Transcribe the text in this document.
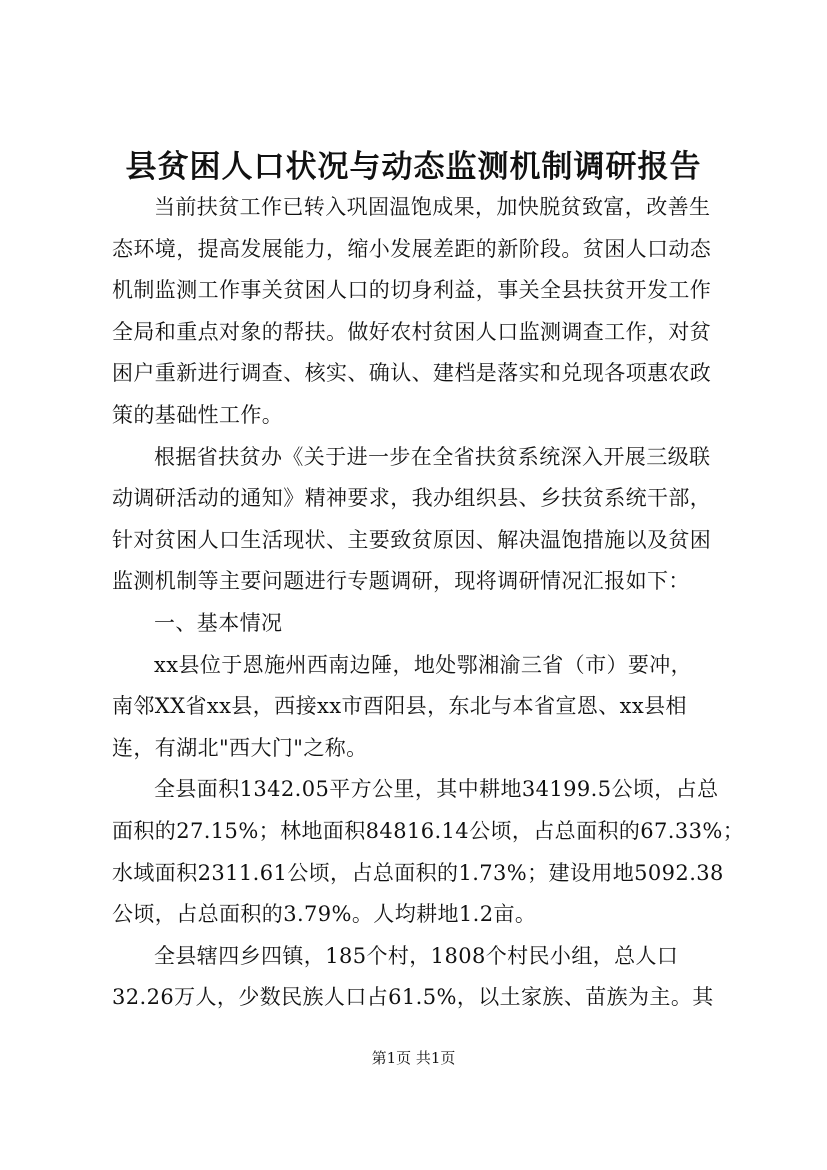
县贫困人口状况与动态监测机制调研报告
当前扶贫工作已转入巩固温饱成果，加快脱贫致富，改善生
态环境，提高发展能力，缩小发展差距的新阶段。贫困人口动态
机制监测工作事关贫困人口的切身利益，事关全县扶贫开发工作
全局和重点对象的帮扶。做好农村贫困人口监测调查工作，对贫
困户重新进行调查、核实、确认、建档是落实和兑现各项惠农政
策的基础性工作。
根据省扶贫办《关于进一步在全省扶贫系统深入开展三级联
动调研活动的通知》精神要求，我办组织县、乡扶贫系统干部，
针对贫困人口生活现状、主要致贫原因、解决温饱措施以及贫困
监测机制等主要问题进行专题调研，现将调研情况汇报如下：
一、基本情况
xx县位于恩施州西南边陲，地处鄂湘渝三省（市）要冲，
南邻XX省xx县，西接xx市酉阳县，东北与本省宣恩、xx县相
连，有湖北"西大门"之称。
全县面积1342.05平方公里，其中耕地34199.5公顷，占总
面积的27.15%；林地面积84816.14公顷，占总面积的67.33%；
水域面积2311.61公顷，占总面积的1.73%；建设用地5092.38
公顷，占总面积的3.79%。人均耕地1.2亩。
全县辖四乡四镇，185个村，1808个村民小组，总人口
32.26万人，少数民族人口占61.5%，以土家族、苗族为主。其
第1页 共1页
